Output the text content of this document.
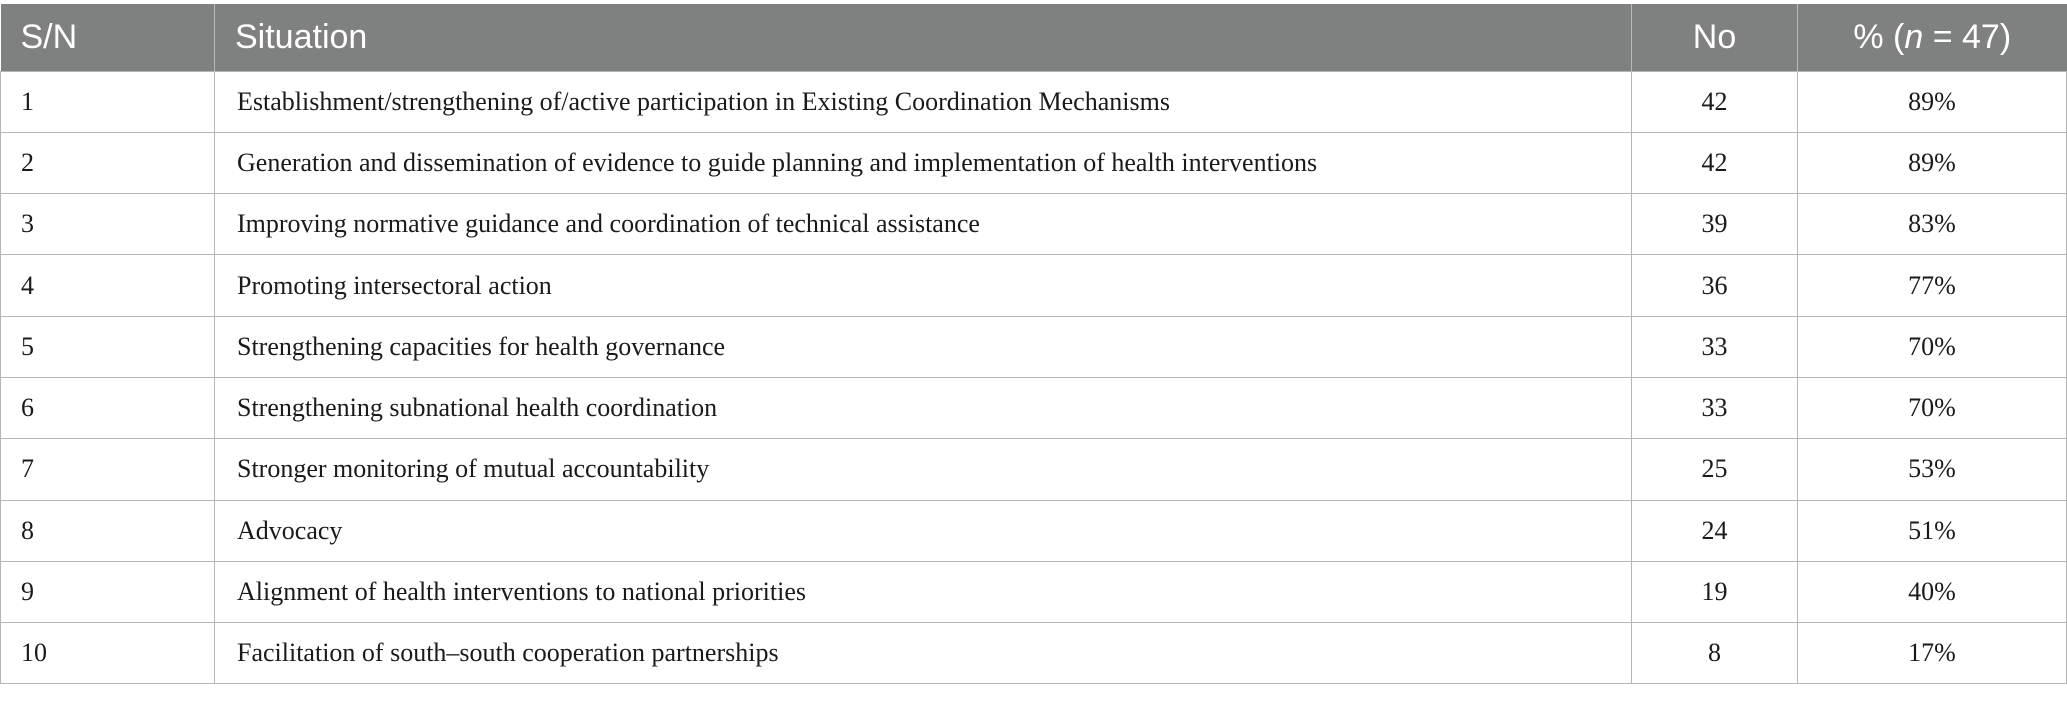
S/N	Situation	No	% (n = 47)
1	Establishment/strengthening of/active participation in Existing Coordination Mechanisms	42	89%
2	Generation and dissemination of evidence to guide planning and implementation of health interventions	42	89%
3	Improving normative guidance and coordination of technical assistance	39	83%
4	Promoting intersectoral action	36	77%
5	Strengthening capacities for health governance	33	70%
6	Strengthening subnational health coordination	33	70%
7	Stronger monitoring of mutual accountability	25	53%
8	Advocacy	24	51%
9	Alignment of health interventions to national priorities	19	40%
10	Facilitation of south–south cooperation partnerships	8	17%
